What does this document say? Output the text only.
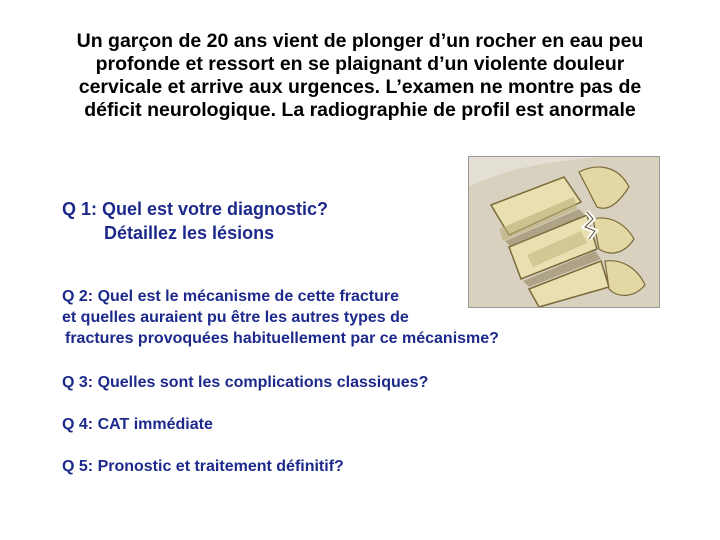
Un garçon de 20 ans vient de plonger d’un rocher en eau peu
profonde et ressort en se plaignant d’un violente douleur
cervicale et arrive aux urgences. L’examen ne montre pas de
déficit neurologique. La radiographie de profil est anormale
Q 1: Quel est votre diagnostic?
Détaillez les lésions
Q 2: Quel est le mécanisme de cette fracture
et quelles auraient pu être les autres types de
fractures provoquées habituellement par ce mécanisme?
Q 3: Quelles sont les complications classiques?
Q 4: CAT immédiate
Q 5: Pronostic et traitement définitif?
